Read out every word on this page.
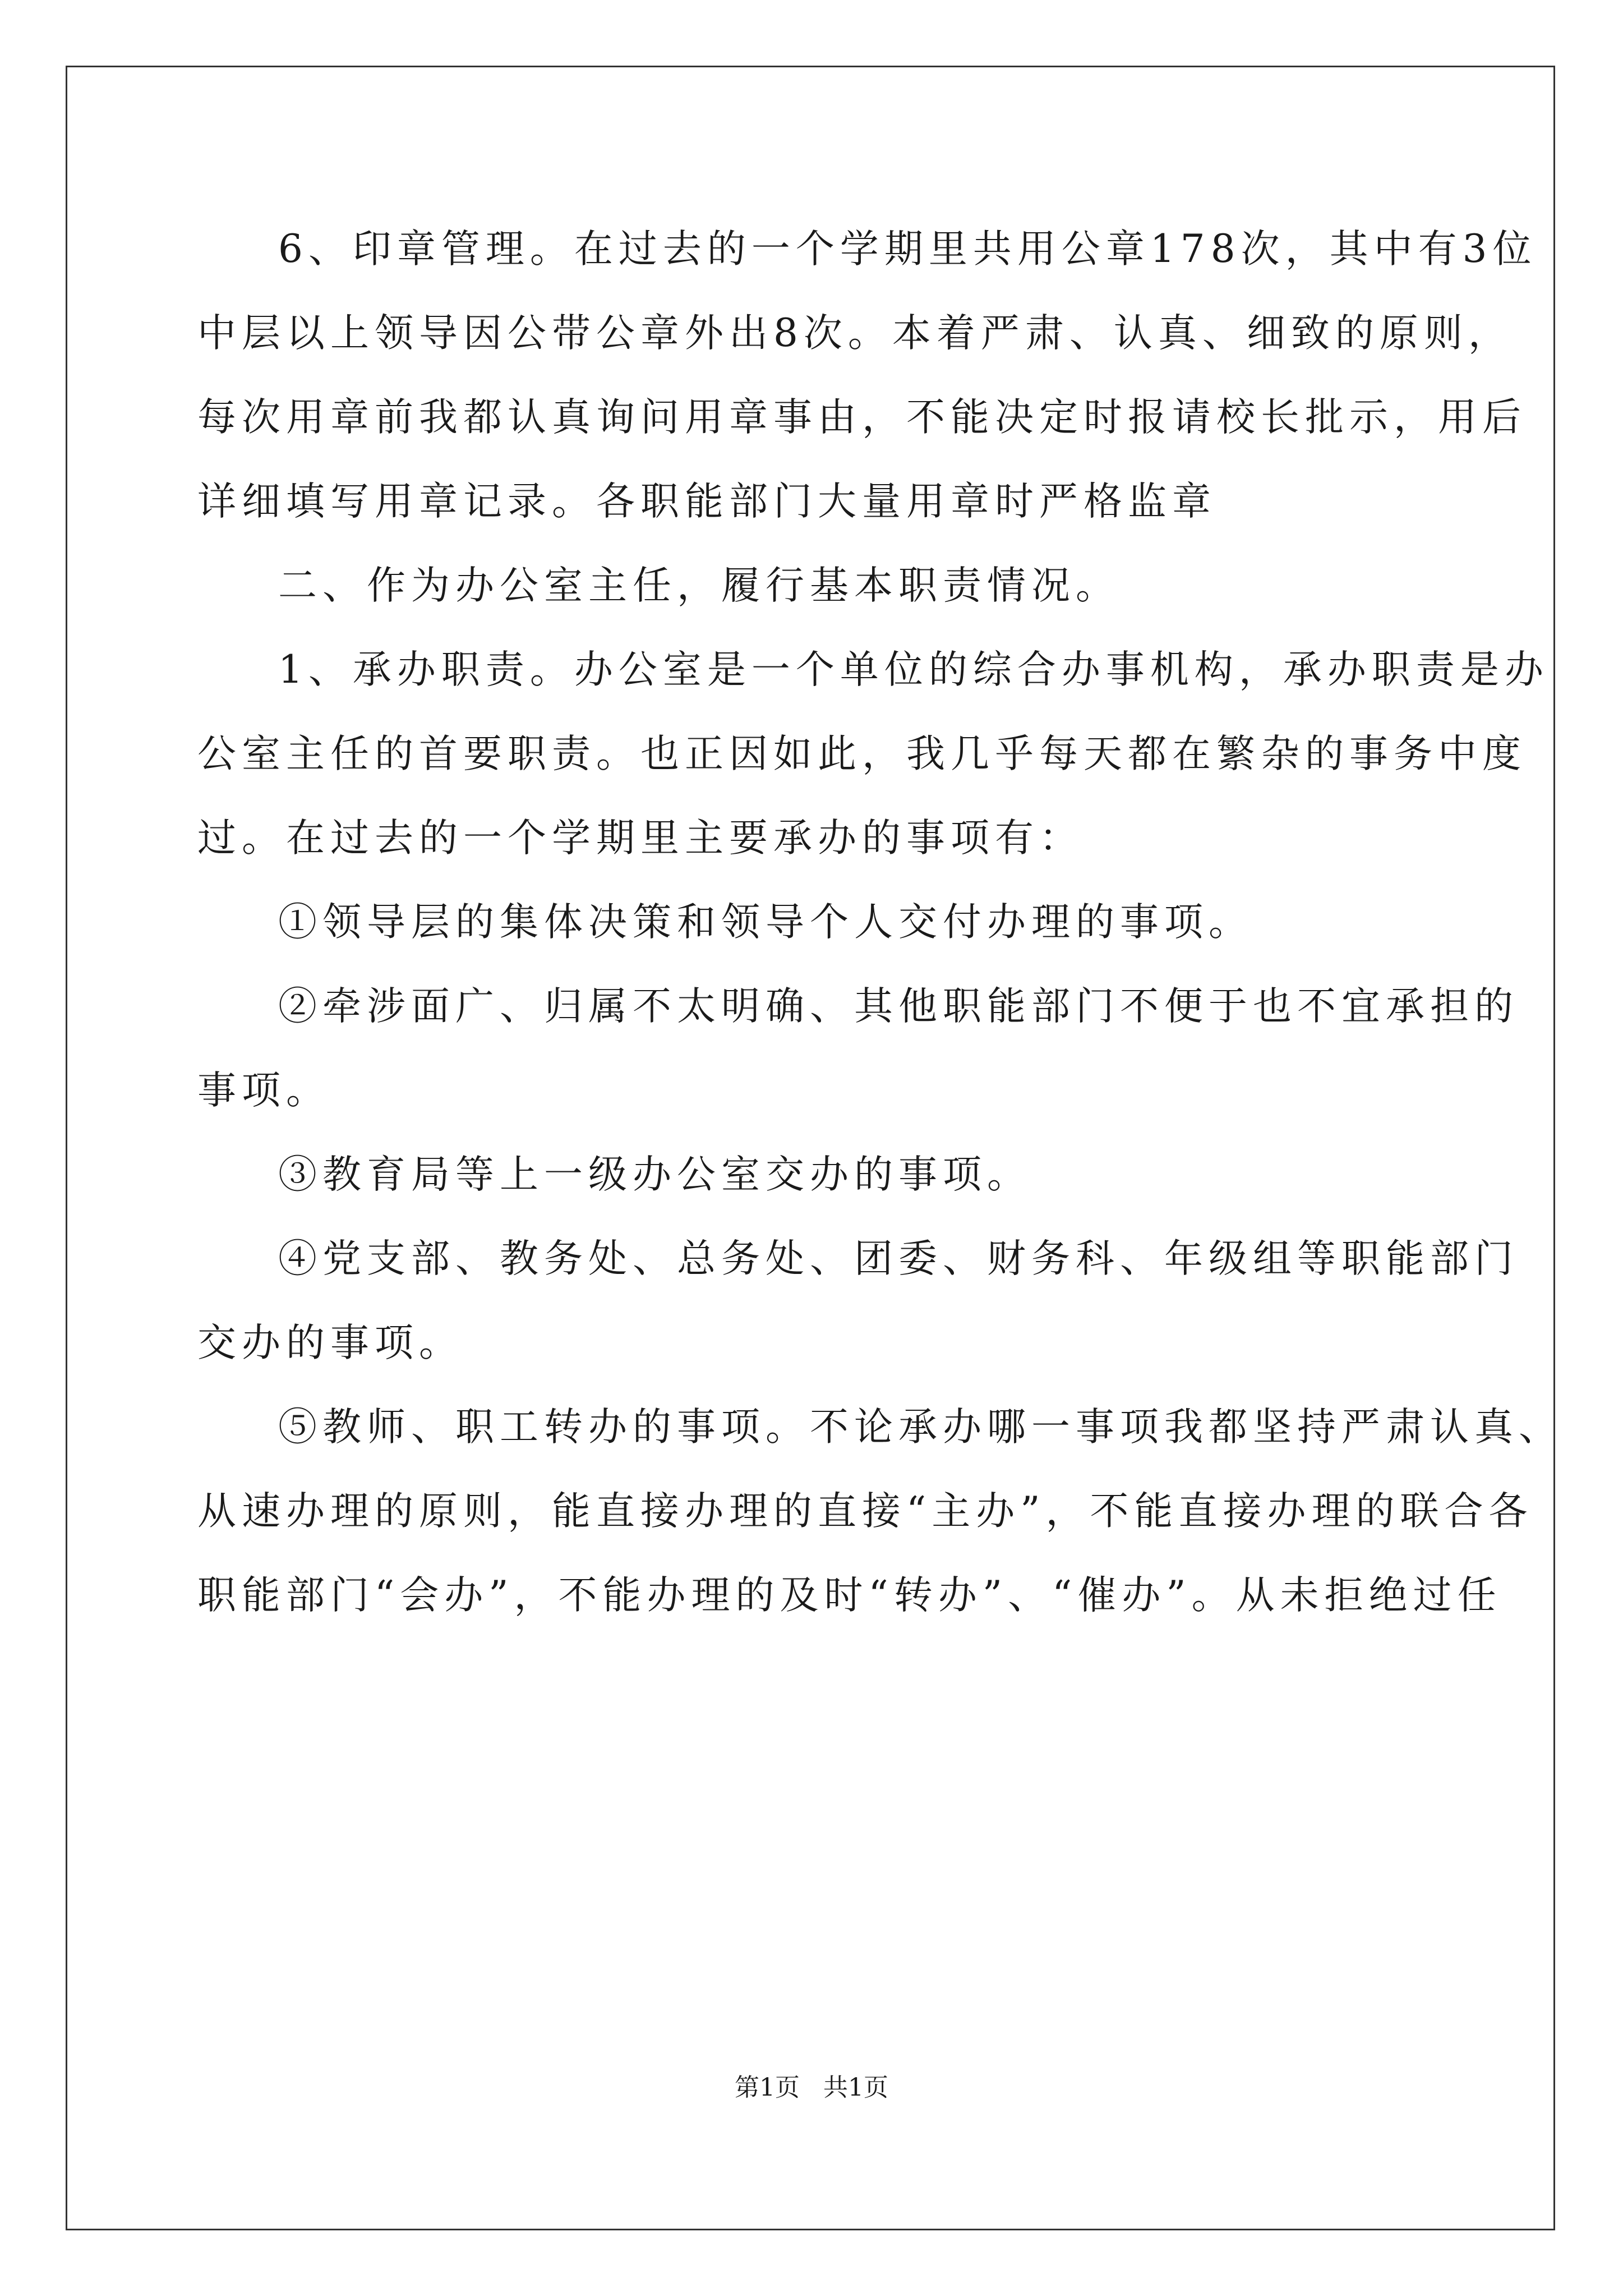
6、印章管理。在过去的一个学期里共用公章178次，其中有3位
中层以上领导因公带公章外出8次。本着严肃、认真、细致的原则，
每次用章前我都认真询问用章事由，不能决定时报请校长批示，用后
详细填写用章记录。各职能部门大量用章时严格监章
二、作为办公室主任，履行基本职责情况。
1、承办职责。办公室是一个单位的综合办事机构，承办职责是办
公室主任的首要职责。也正因如此，我几乎每天都在繁杂的事务中度
过。在过去的一个学期里主要承办的事项有：
①领导层的集体决策和领导个人交付办理的事项。
②牵涉面广、归属不太明确、其他职能部门不便于也不宜承担的
事项。
③教育局等上一级办公室交办的事项。
④党支部、教务处、总务处、团委、财务科、年级组等职能部门
交办的事项。
⑤教师、职工转办的事项。不论承办哪一事项我都坚持严肃认真、
从速办理的原则，能直接办理的直接“主办”，不能直接办理的联合各
职能部门“会办”，不能办理的及时“转办”、“催办”。从未拒绝过任
第1页   共1页
